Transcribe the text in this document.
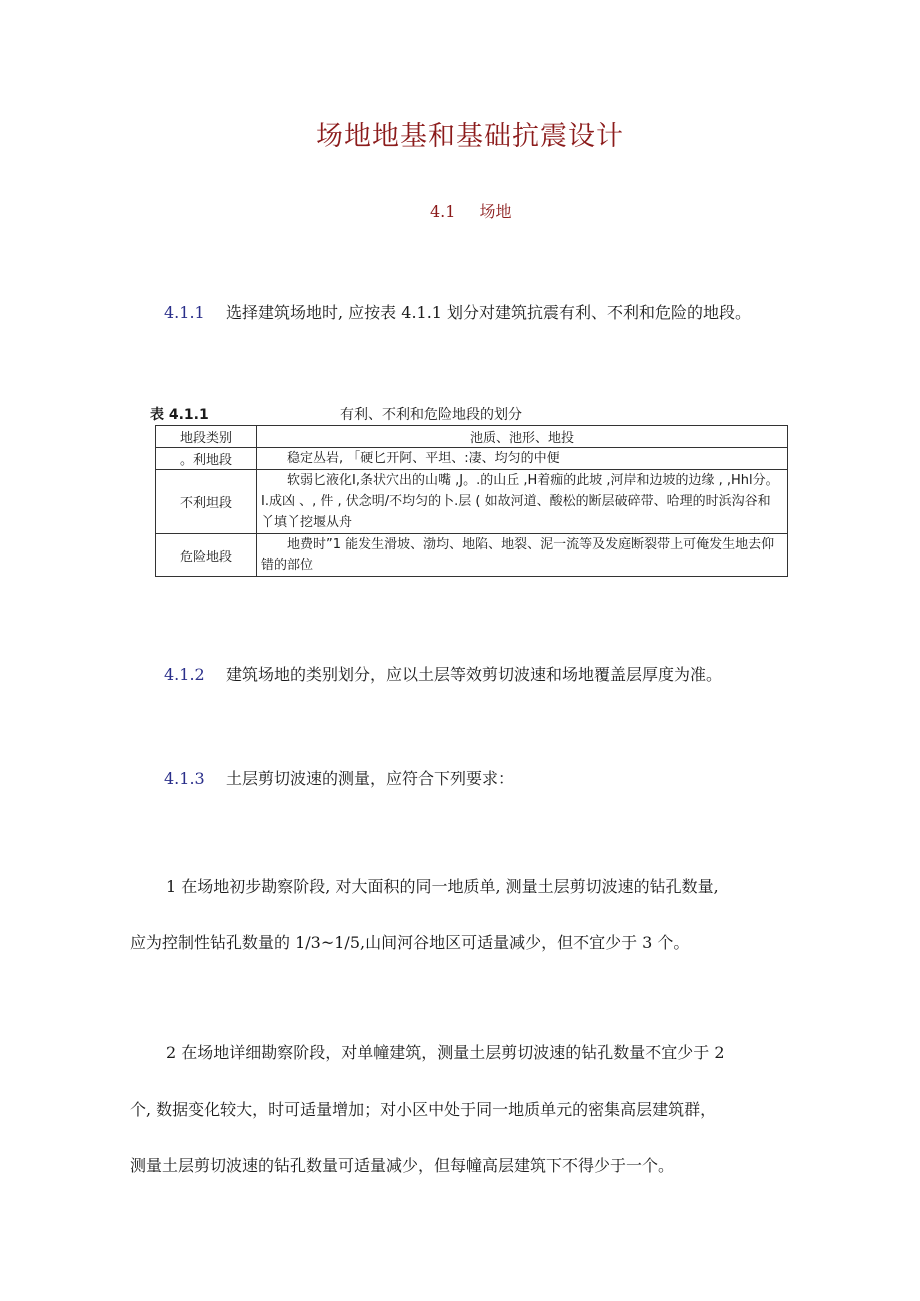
场地地基和基础抗震设计
4.1 场地
4.1.1 选择建筑场地时, 应按表 4.1.1 划分对建筑抗震有利、不利和危险的地段。
表 4.1.1	有利、不利和危险地段的划分
地段类别	池质、池形、地投
。利地段	稳定丛岩, 「硬匕开阿、平坦、:凄、均匀的中便
不利坦段	软弱匕液化I,条状穴出的山嘴 ,J。.的山丘 ,H着痂的此坡 ,河岸和边坡的边缘 , ,Hhl分。I.成凶 、, 件 , 伏念明/不均匀的卜.层 ( 如故河道、酸松的断层破碎带、哈理的时浜沟谷和丫填丫挖堰从舟
危险地段	地费时”1 能发生滑坡、渤均、地陷、地裂、泥一流等及发庭断裂带上可俺发生地去仰错的部位
4.1.2 建筑场地的类别划分，应以土层等效剪切波速和场地覆盖层厚度为准。
4.1.3 土层剪切波速的测量，应符合下列要求：
1 在场地初步勘察阶段, 对大面积的同一地质单, 测量土层剪切波速的钻孔数量,
应为控制性钻孔数量的 1/3~1/5,山间河谷地区可适量减少，但不宜少于 3 个。
2 在场地详细勘察阶段，对单幢建筑，测量土层剪切波速的钻孔数量不宜少于 2
个, 数据变化较大，时可适量增加；对小区中处于同一地质单元的密集高层建筑群，
测量土层剪切波速的钻孔数量可适量减少，但每幢高层建筑下不得少于一个。
